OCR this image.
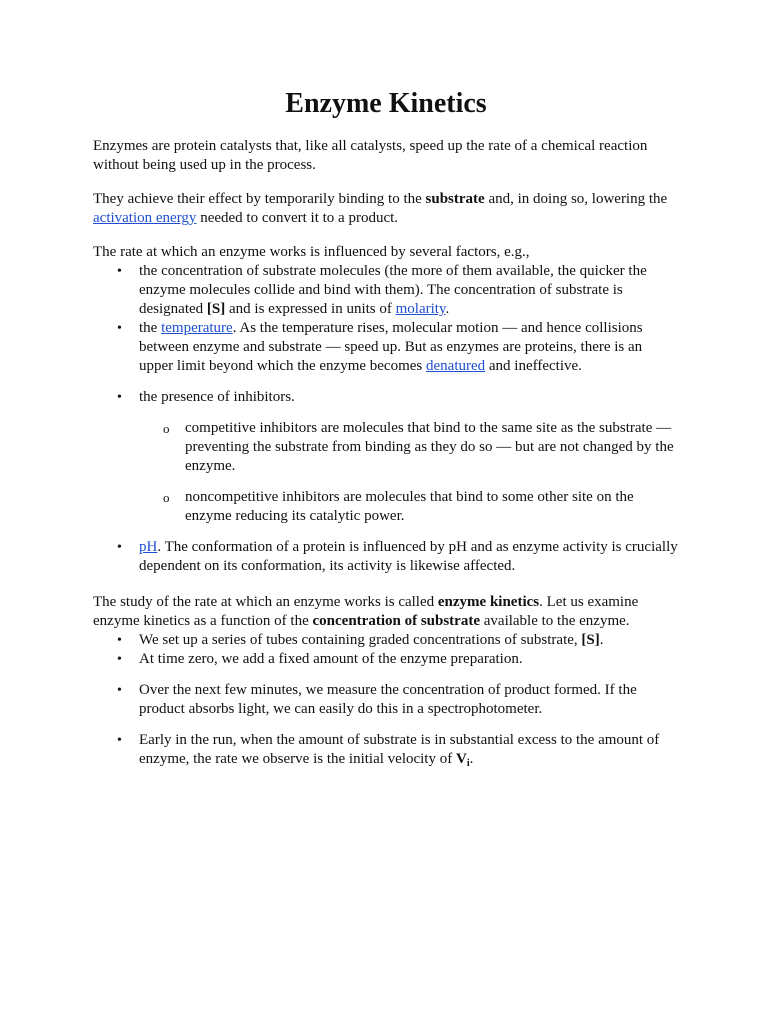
Enzyme Kinetics

Enzymes are protein catalysts that, like all catalysts, speed up the rate of a chemical reaction without being used up in the process.

They achieve their effect by temporarily binding to the substrate and, in doing so, lowering the activation energy needed to convert it to a product.

The rate at which an enzyme works is influenced by several factors, e.g.,
• the concentration of substrate molecules (the more of them available, the quicker the enzyme molecules collide and bind with them). The concentration of substrate is designated [S] and is expressed in units of molarity.
• the temperature. As the temperature rises, molecular motion — and hence collisions between enzyme and substrate — speed up. But as enzymes are proteins, there is an upper limit beyond which the enzyme becomes denatured and ineffective.
• the presence of inhibitors.
o competitive inhibitors are molecules that bind to the same site as the substrate — preventing the substrate from binding as they do so — but are not changed by the enzyme.
o noncompetitive inhibitors are molecules that bind to some other site on the enzyme reducing its catalytic power.
• pH. The conformation of a protein is influenced by pH and as enzyme activity is crucially dependent on its conformation, its activity is likewise affected.
The study of the rate at which an enzyme works is called enzyme kinetics. Let us examine enzyme kinetics as a function of the concentration of substrate available to the enzyme.
• We set up a series of tubes containing graded concentrations of substrate, [S].
• At time zero, we add a fixed amount of the enzyme preparation.
• Over the next few minutes, we measure the concentration of product formed. If the product absorbs light, we can easily do this in a spectrophotometer.
• Early in the run, when the amount of substrate is in substantial excess to the amount of enzyme, the rate we observe is the initial velocity of $V_i$.
